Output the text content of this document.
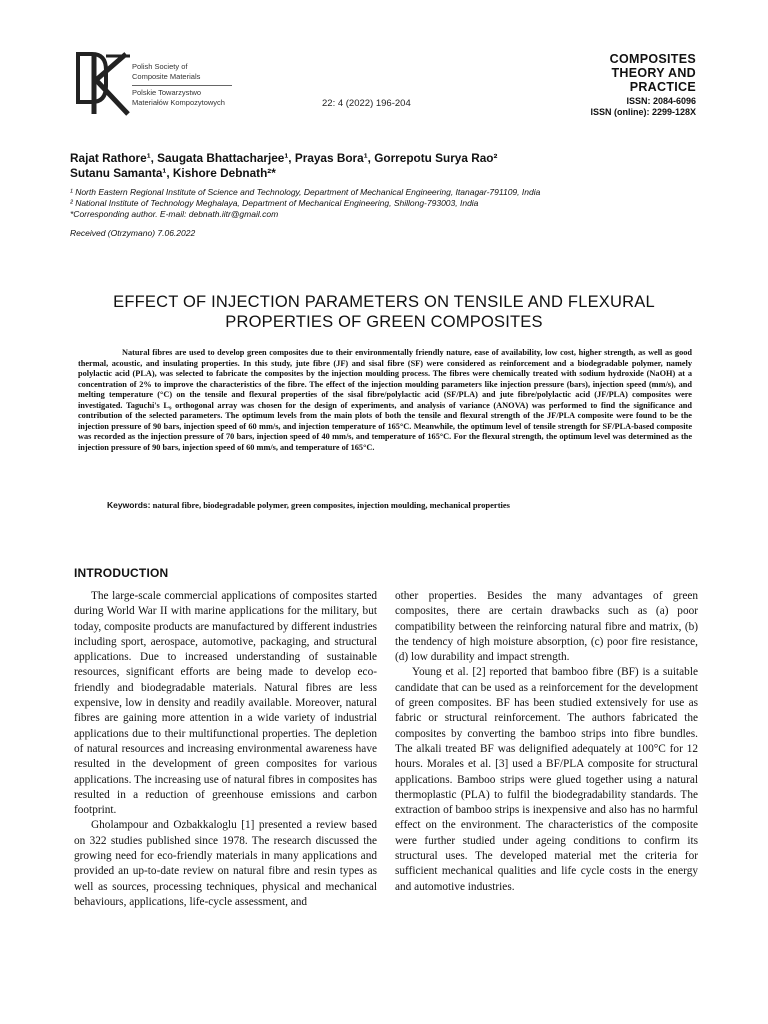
Polish Society of
Composite Materials
Polskie Towarzystwo
Materiałów Kompozytowych	22: 4 (2022) 196-204
COMPOSITES
THEORY AND
PRACTICE
ISSN: 2084-6096
ISSN (online): 2299-128X
Rajat Rathore¹, Saugata Bhattacharjee¹, Prayas Bora¹, Gorrepotu Surya Rao²
Sutanu Samanta¹, Kishore Debnath²*
¹ North Eastern Regional Institute of Science and Technology, Department of Mechanical Engineering, Itanagar-791109, India
² National Institute of Technology Meghalaya, Department of Mechanical Engineering, Shillong-793003, India
*Corresponding author. E-mail: debnath.iitr@gmail.com
Received (Otrzymano) 7.06.2022
EFFECT OF INJECTION PARAMETERS ON TENSILE AND FLEXURAL
PROPERTIES OF GREEN COMPOSITES
Natural fibres are used to develop green composites due to their environmentally friendly nature, ease of availability, low cost, higher strength, as well as good thermal, acoustic, and insulating properties. In this study, jute fibre (JF) and sisal fibre (SF) were considered as reinforcement and a biodegradable polymer, namely polylactic acid (PLA), was selected to fabricate the composites by the injection moulding process. The fibres were chemically treated with sodium hydroxide (NaOH) at a concentration of 2% to improve the characteristics of the fibre. The effect of the injection moulding parameters like injection pressure (bars), injection speed (mm/s), and melting temperature (°C) on the tensile and flexural properties of the sisal fibre/polylactic acid (SF/PLA) and jute fibre/polylactic acid (JF/PLA) composites were investigated. Taguchi's L₉ orthogonal array was chosen for the design of experiments, and analysis of variance (ANOVA) was performed to find the significance and contribution of the selected parameters. The optimum levels from the main plots of both the tensile and flexural strength of the JF/PLA composite were found to be the injection pressure of 90 bars, injection speed of 60 mm/s, and injection temperature of 165°C. Meanwhile, the optimum level of tensile strength for SF/PLA-based composite was recorded as the injection pressure of 70 bars, injection speed of 40 mm/s, and temperature of 165°C. For the flexural strength, the optimum level was determined as the injection pressure of 90 bars, injection speed of 60 mm/s, and temperature of 165°C.
Keywords: natural fibre, biodegradable polymer, green composites, injection moulding, mechanical properties
INTRODUCTION

The large-scale commercial applications of composites started during World War II with marine applications for the military, but today, composite products are manufactured by different industries including sport, aerospace, automotive, packaging, and structural applications. Due to increased understanding of sustainable resources, significant efforts are being made to develop eco-friendly and biodegradable materials. Natural fibres are less expensive, low in density and readily available. Moreover, natural fibres are gaining more attention in a wide variety of industrial applications due to their multifunctional properties. The depletion of natural resources and increasing environmental awareness have resulted in the development of green composites for various applications. The increasing use of natural fibres in composites has resulted in a reduction of greenhouse emissions and carbon footprint.

Gholampour and Ozbakkaloglu [1] presented a review based on 322 studies published since 1978. The research discussed the growing need for eco-friendly materials in many applications and provided an up-to-date review on natural fibre and resin types as well as sources, processing techniques, physical and mechanical behaviours, applications, life-cycle assessment, and

other properties. Besides the many advantages of green composites, there are certain drawbacks such as (a) poor compatibility between the reinforcing natural fibre and matrix, (b) the tendency of high moisture absorption, (c) poor fire resistance, (d) low durability and impact strength.

Young et al. [2] reported that bamboo fibre (BF) is a suitable candidate that can be used as a reinforcement for the development of green composites. BF has been studied extensively for use as fabric or structural reinforcement. The authors fabricated the composites by converting the bamboo strips into fibre bundles. The alkali treated BF was delignified adequately at 100°C for 12 hours. Morales et al. [3] used a BF/PLA composite for structural applications. Bamboo strips were glued together using a natural thermoplastic (PLA) to fulfil the biodegradability standards. The extraction of bamboo strips is inexpensive and also has no harmful effect on the environment. The characteristics of the composite were further studied under ageing conditions to confirm its structural uses. The developed material met the criteria for sufficient mechanical qualities and life cycle costs in the energy and automotive industries.
